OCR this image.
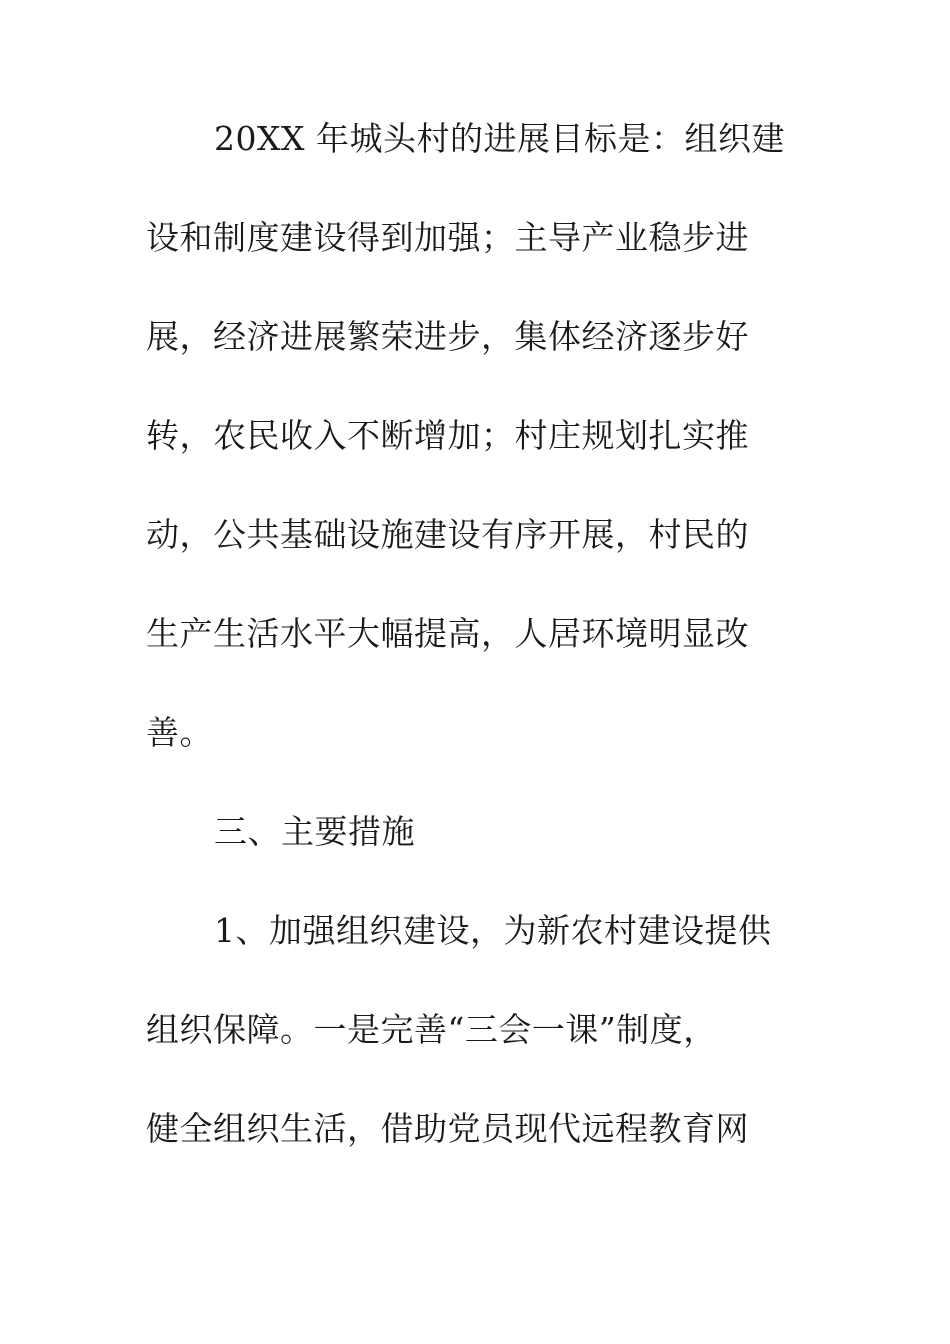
20XX 年城头村的进展目标是：组织建
设和制度建设得到加强；主导产业稳步进
展，经济进展繁荣进步，集体经济逐步好
转，农民收入不断增加；村庄规划扎实推
动，公共基础设施建设有序开展，村民的
生产生活水平大幅提高，人居环境明显改
善。
三、主要措施
1、加强组织建设，为新农村建设提供
组织保障。一是完善“三会一课”制度，
健全组织生活，借助党员现代远程教育网
